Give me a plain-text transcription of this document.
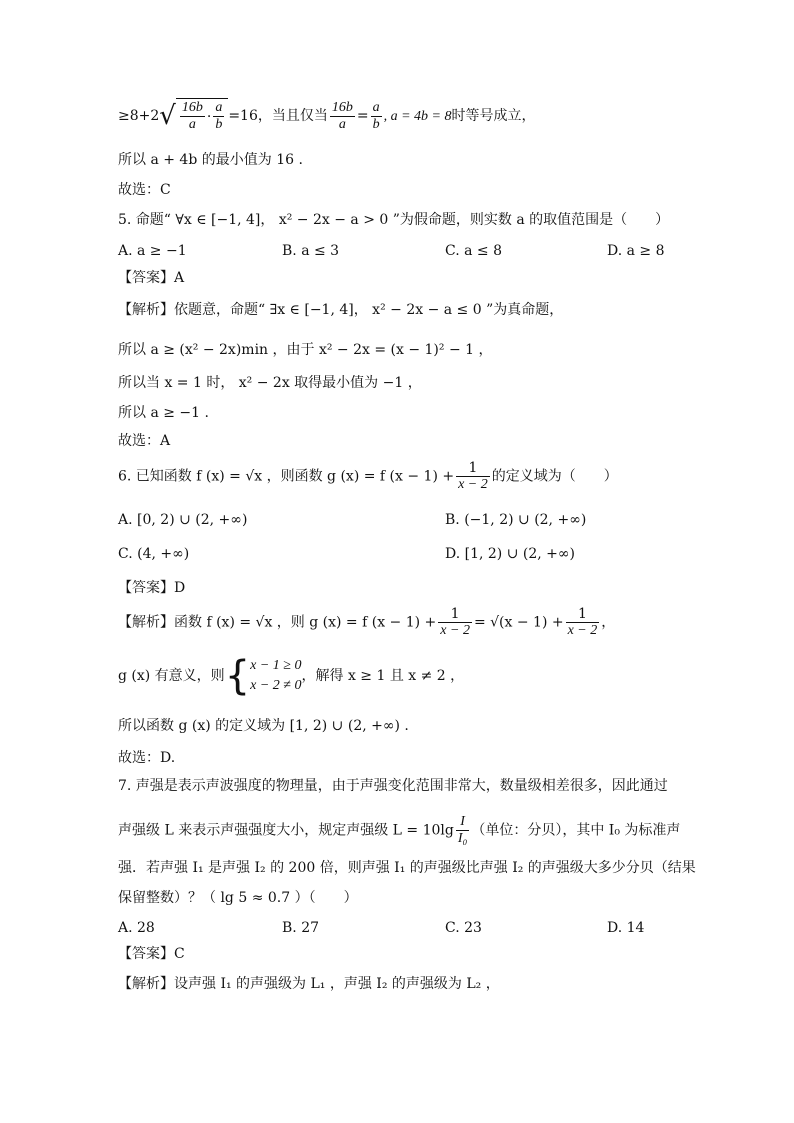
≥8+2 √ $\frac{16b}{a} \cdot \frac{a}{b} =16$，当且仅当 $\frac{16b}{a} = \frac{a}{b}$ , a = 4b = 8时等号成立，
所以 a + 4b 的最小值为 16 .
故选：C
5. 命题“ ∀x ∈ [−1, 4]， x² − 2x − a > 0 ”为假命题，则实数 a 的取值范围是（　　）
A. a ≥ −1	B. a ≤ 3	C. a ≤ 8	D. a ≥ 8
【答案】A
【解析】依题意，命题“ ∃x ∈ [−1, 4]， x² − 2x − a ≤ 0 ”为真命题，
所以 a ≥ (x² − 2x)min ，由于 x² − 2x = (x − 1)² − 1 ，
所以当 x = 1 时， x² − 2x 取得最小值为 −1 ，
所以 a ≥ −1 .
故选：A
6. 已知函数 f (x) = √x ，则函数 g (x) = f $(x - 1) + \frac{1}{x - 2}$ 的定义域为（　　）
A. [0, 2) ∪ (2, +∞)	B. (−1, 2) ∪ (2, +∞)
C. (4, +∞)	D. [1, 2) ∪ (2, +∞)
【答案】D
【解析】函数 f (x) = √x ，则 g (x) = f $(x - 1) + \frac{1}{x - 2} = √(x - 1) + \frac{1}{x - 2}$ ，
g (x) 有意义，则{ x − 1 ≥ 0
x − 2 ≠ 0
，解得 x ≥ 1 且 x ≠ 2 ，
所以函数 g (x) 的定义域为 [1, 2) ∪ (2, +∞) .
故选：D.
7. 声强是表示声波强度的物理量，由于声强变化范围非常大，数量级相差很多，因此通过
声强级 L 来表示声强强度大小，规定声强级 $L = 10\lg \frac{I}{\text{I₀}}$ （单位：分贝），其中 I₀ 为标准声
强．若声强 I₁ 是声强 I₂ 的 200 倍，则声强 I₁ 的声强级比声强 I₂ 的声强级大多少分贝（结果
保留整数）？（ lg 5 ≈ 0.7 ）（　　）
A. 28	B. 27	C. 23	D. 14
【答案】C
【解析】设声强 I₁ 的声强级为 L₁ ，声强 I₂ 的声强级为 L₂ ，
